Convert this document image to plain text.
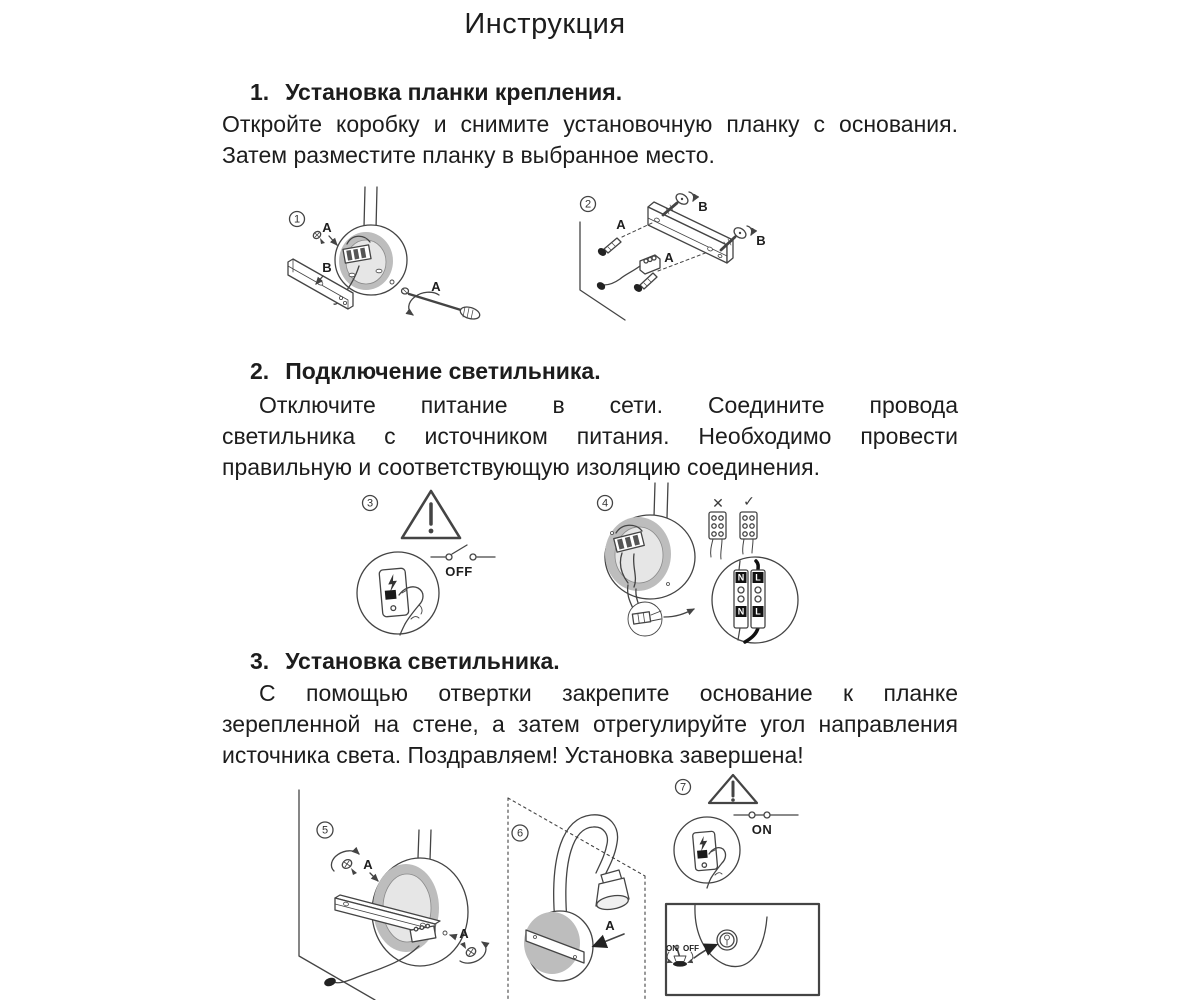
Инструкция
1. Установка планки крепления.
Откройте коробку и снимите установочную планку с основания.
Затем разместите планку в выбранное место.
1
A
B
A
2	B
B
A
A
2. Подключение светильника.
Отключите питание в сети. Соедините провода
светильника с источником питания. Необходимо провести
правильную и соответствующую изоляцию соединения.
3
OFF
4	✕ ✓
N
N
L
L
3. Установка светильника.
С помощью отвертки закрепите основание к планке
зерепленной на стене, а затем отрегулируйте угол направления
источника света. Поздравляем! Установка завершена!
5
A
A
6
A
7
ON
ON OFF
